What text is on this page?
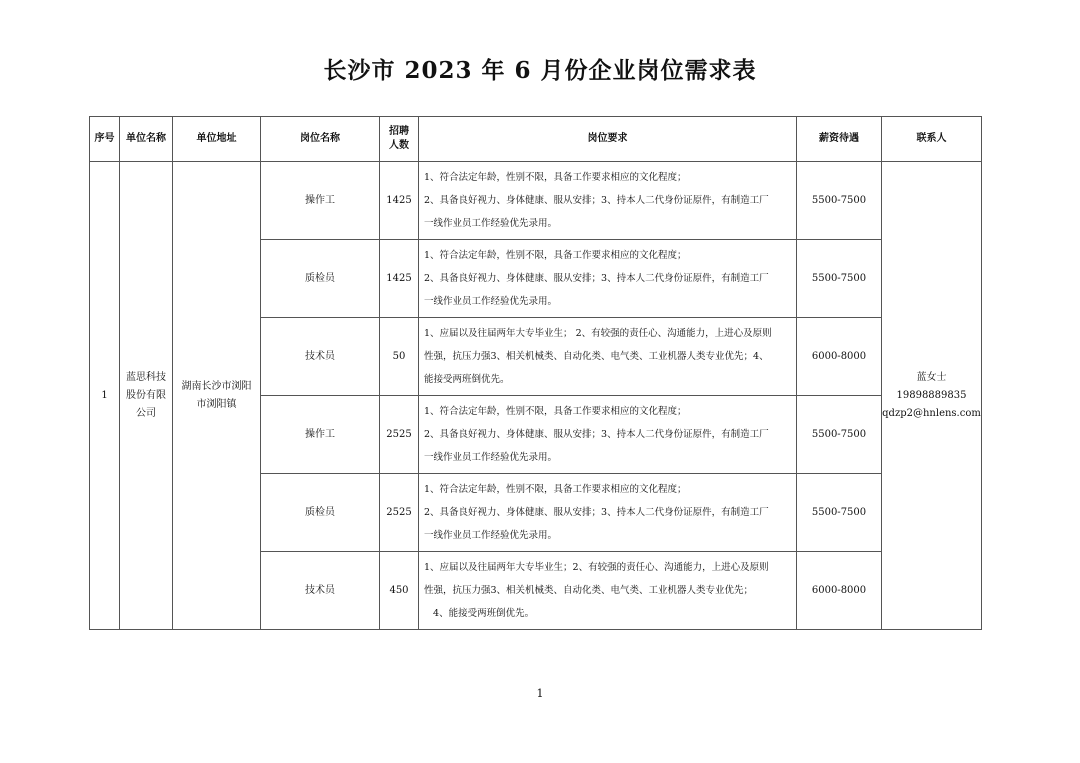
长沙市 2023 年 6 月份企业岗位需求表
序号	单位名称	单位地址	岗位名称	招聘
人数	岗位要求	薪资待遇	联系人
1	蓝思科技
股份有限
公司	湖南长沙市浏阳
市浏阳镇	操作工	1425	1、符合法定年龄，性别不限，具备工作要求相应的文化程度；
2、具备良好视力、身体健康、服从安排；3、持本人二代身份证原件，有制造工厂
一线作业员工作经验优先录用。	5500-7500	蓝女士
19898889835
qdzp2@hnlens.com
			质检员	1425	1、符合法定年龄，性别不限，具备工作要求相应的文化程度；
2、具备良好视力、身体健康、服从安排；3、持本人二代身份证原件，有制造工厂
一线作业员工作经验优先录用。	5500-7500	
			技术员	50	1、应届以及往届两年大专毕业生； 2、有较强的责任心、沟通能力，上进心及原则
性强，抗压力强3、相关机械类、自动化类、电气类、工业机器人类专业优先；4、
能接受两班倒优先。	6000-8000	
			操作工	2525	1、符合法定年龄，性别不限，具备工作要求相应的文化程度；
2、具备良好视力、身体健康、服从安排；3、持本人二代身份证原件，有制造工厂
一线作业员工作经验优先录用。	5500-7500	
			质检员	2525	1、符合法定年龄，性别不限，具备工作要求相应的文化程度；
2、具备良好视力、身体健康、服从安排；3、持本人二代身份证原件，有制造工厂
一线作业员工作经验优先录用。	5500-7500	
			技术员	450	1、应届以及往届两年大专毕业生；2、有较强的责任心、沟通能力，上进心及原则
性强，抗压力强3、相关机械类、自动化类、电气类、工业机器人类专业优先；
4、能接受两班倒优先。	6000-8000	
1
